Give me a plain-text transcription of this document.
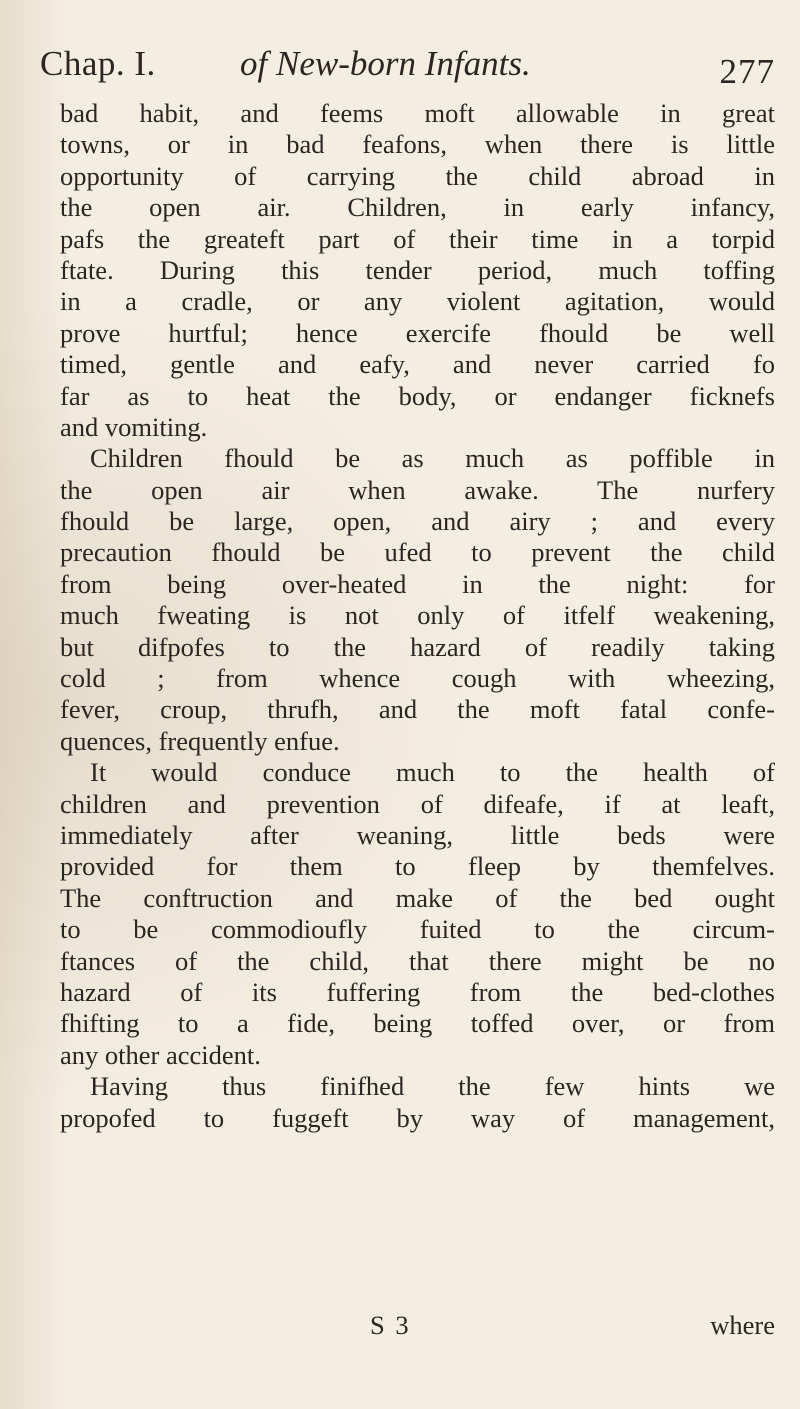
Chap. I. of New-born Infants.	277
bad habit, and feems moft allowable in great
towns, or in bad feafons, when there is little
opportunity of carrying the child abroad in
the open air. Children, in early infancy,
pafs the greateft part of their time in a torpid
ftate. During this tender period, much toffing
in a cradle, or any violent agitation, would
prove hurtful; hence exercife fhould be well
timed, gentle and eafy, and never carried fo
far as to heat the body, or endanger ficknefs
and vomiting.
Children fhould be as much as poffible in
the open air when awake. The nurfery
fhould be large, open, and airy ; and every
precaution fhould be ufed to prevent the child
from being over-heated in the night: for
much fweating is not only of itfelf weakening,
but difpofes to the hazard of readily taking
cold ; from whence cough with wheezing,
fever, croup, thrufh, and the moft fatal confe-
quences, frequently enfue.
It would conduce much to the health of
children and prevention of difeafe, if at leaft,
immediately after weaning, little beds were
provided for them to fleep by themfelves.
The conftruction and make of the bed ought
to be commodioufly fuited to the circum-
ftances of the child, that there might be no
hazard of its fuffering from the bed-clothes
fhifting to a fide, being toffed over, or from
any other accident.
Having thus finifhed the few hints we
propofed to fuggeft by way of management,
S 3	where
